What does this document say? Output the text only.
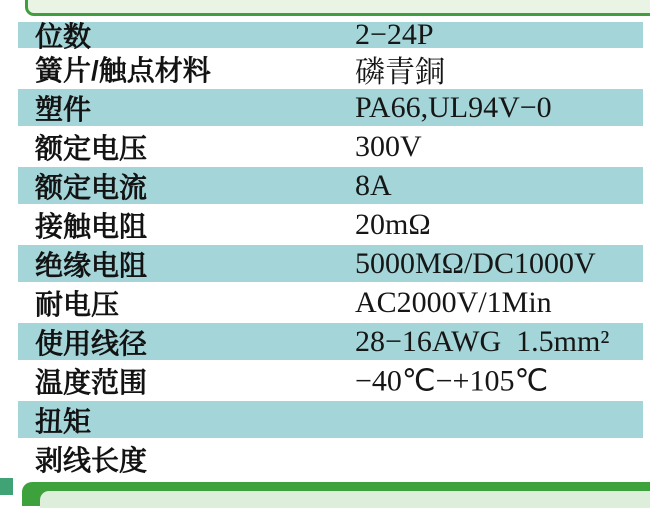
位数	2−24P
簧片/触点材料	磷青銅
塑件	PA66,UL94V−0
额定电压	300V
额定电流	8A
接触电阻	20mΩ
绝缘电阻	5000MΩ/DC1000V
耐电压	AC2000V/1Min
使用线径	28−16AWG  1.5mm²
温度范围	−40℃−+105℃
扭矩
剥线长度
